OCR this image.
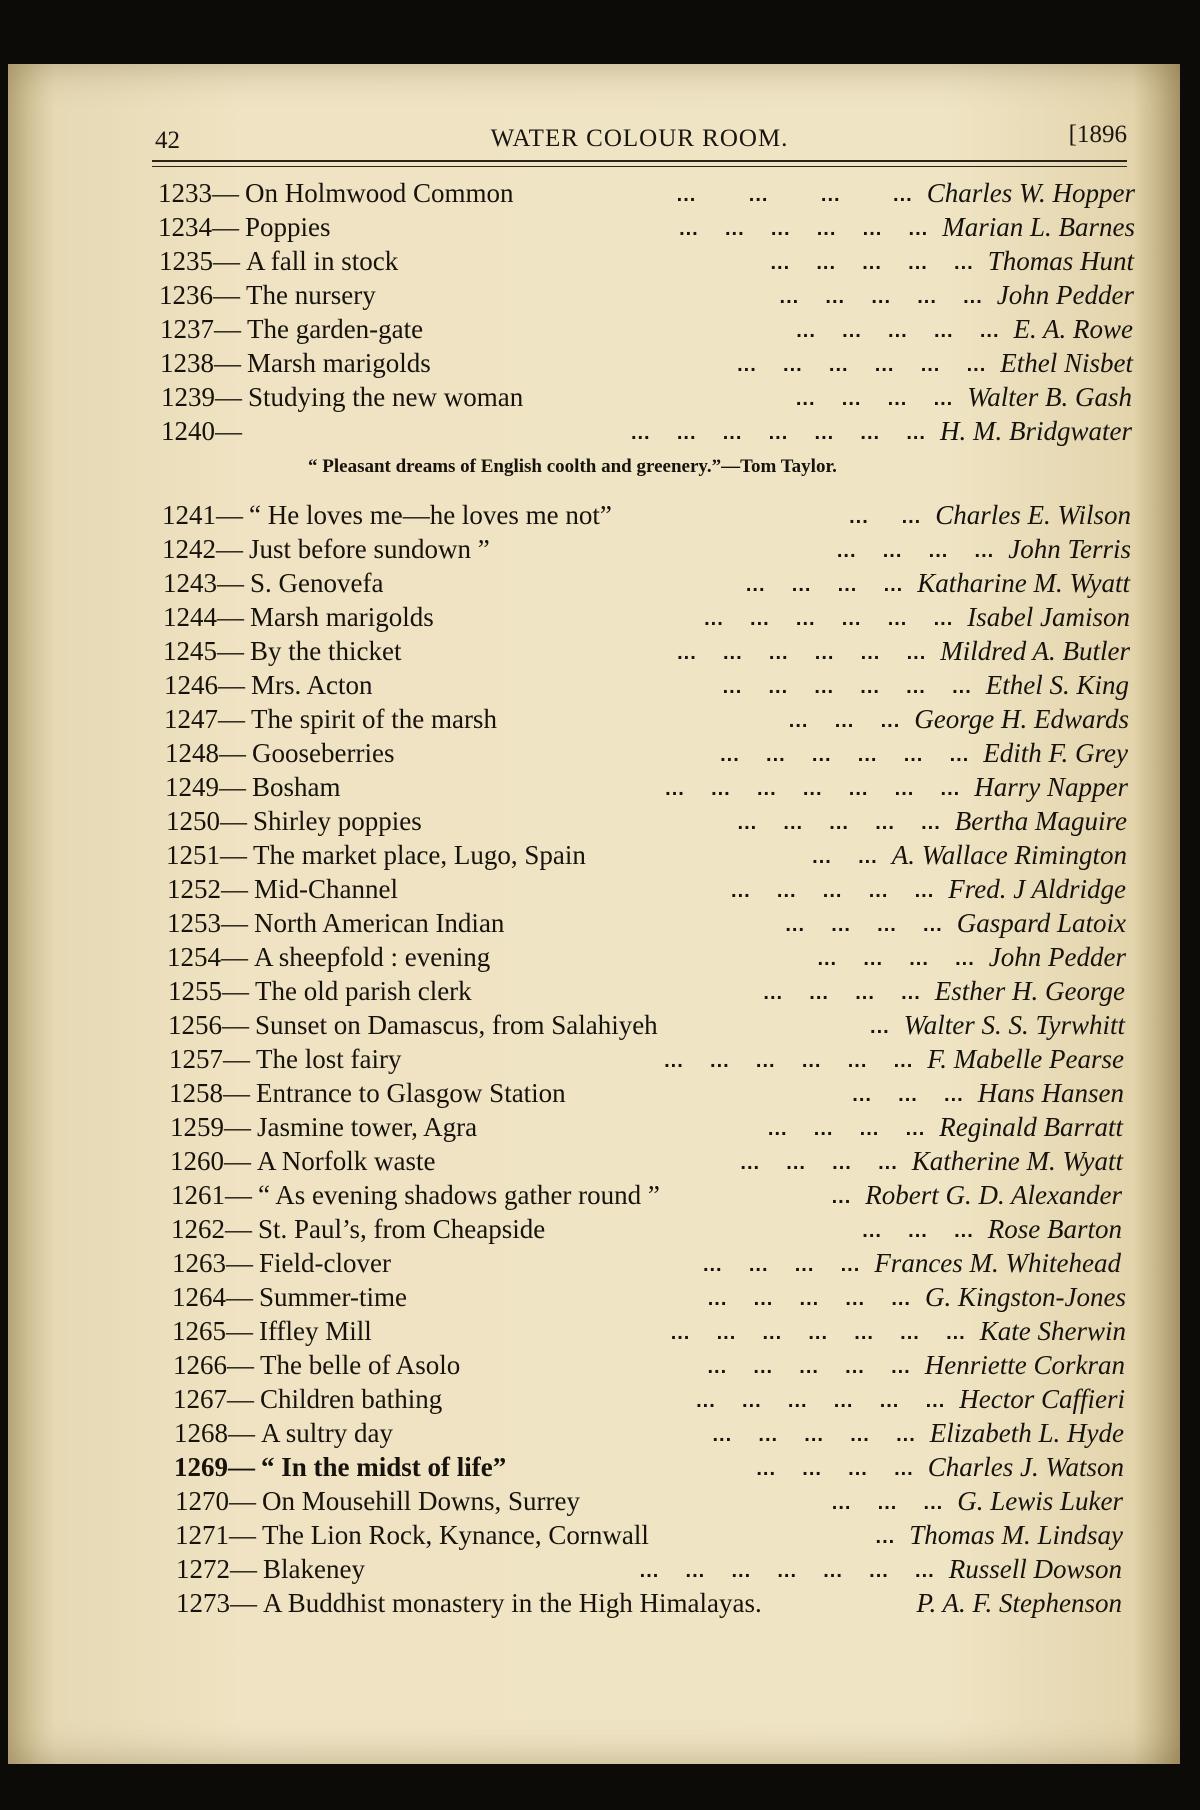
42	WATER COLOUR ROOM.	[1896
1233— On Holmwood Common	...        ...        ...        ... Charles W. Hopper
1234— Poppies	...    ...    ...    ...    ...    ... Marian L. Barnes
1235— A fall in stock	...    ...    ...    ...    ... Thomas Hunt
1236— The nursery	...    ...    ...    ...    ... John Pedder
1237— The garden-gate	...    ...    ...    ...    ... E. A. Rowe
1238— Marsh marigolds	...    ...    ...    ...    ...    ... Ethel Nisbet
1239— Studying the new woman	...    ...    ...    ... Walter B. Gash
1240—	...    ...    ...    ...    ...    ...    ... H. M. Bridgwater
“ Pleasant dreams of English coolth and greenery.”—Tom Taylor.
1241— “ He loves me—he loves me not”	...     ... Charles E. Wilson
1242— Just before sundown ”	...    ...    ...    ... John Terris
1243— S. Genovefa	...    ...    ...    ... Katharine M. Wyatt
1244— Marsh marigolds	...    ...    ...    ...    ...    ... Isabel Jamison
1245— By the thicket	...    ...    ...    ...    ...    ... Mildred A. Butler
1246— Mrs. Acton	...    ...    ...    ...    ...    ... Ethel S. King
1247— The spirit of the marsh	...    ...    ... George H. Edwards
1248— Gooseberries	...    ...    ...    ...    ...    ... Edith F. Grey
1249— Bosham	...    ...    ...    ...    ...    ...    ... Harry Napper
1250— Shirley poppies	...    ...    ...    ...    ... Bertha Maguire
1251— The market place, Lugo, Spain	...    ... A. Wallace Rimington
1252— Mid-Channel	...    ...    ...    ...    ... Fred. J Aldridge
1253— North American Indian	...    ...    ...    ... Gaspard Latoix
1254— A sheepfold : evening	...    ...    ...    ... John Pedder
1255— The old parish clerk	...    ...    ...    ... Esther H. George
1256— Sunset on Damascus, from Salahiyeh	... Walter S. S. Tyrwhitt
1257— The lost fairy	...    ...    ...    ...    ...    ... F. Mabelle Pearse
1258— Entrance to Glasgow Station	...    ...    ... Hans Hansen
1259— Jasmine tower, Agra	...    ...    ...    ... Reginald Barratt
1260— A Norfolk waste	...    ...    ...    ... Katherine M. Wyatt
1261— “ As evening shadows gather round ”	... Robert G. D. Alexander
1262— St. Paul’s, from Cheapside	...    ...    ... Rose Barton
1263— Field-clover	...    ...    ...    ... Frances M. Whitehead
1264— Summer-time	...    ...    ...    ...    ... G. Kingston-Jones
1265— Iffley Mill	...    ...    ...    ...    ...    ...    ... Kate Sherwin
1266— The belle of Asolo	...    ...    ...    ...    ... Henriette Corkran
1267— Children bathing	...    ...    ...    ...    ...    ... Hector Caffieri
1268— A sultry day	...    ...    ...    ...    ... Elizabeth L. Hyde
1269— “ In the midst of life”	...    ...    ...    ... Charles J. Watson
1270— On Mousehill Downs, Surrey	...    ...    ... G. Lewis Luker
1271— The Lion Rock, Kynance, Cornwall	... Thomas M. Lindsay
1272— Blakeney	...    ...    ...    ...    ...    ...    ... Russell Dowson
1273— A Buddhist monastery in the High Himalayas.	P. A. F. Stephenson
